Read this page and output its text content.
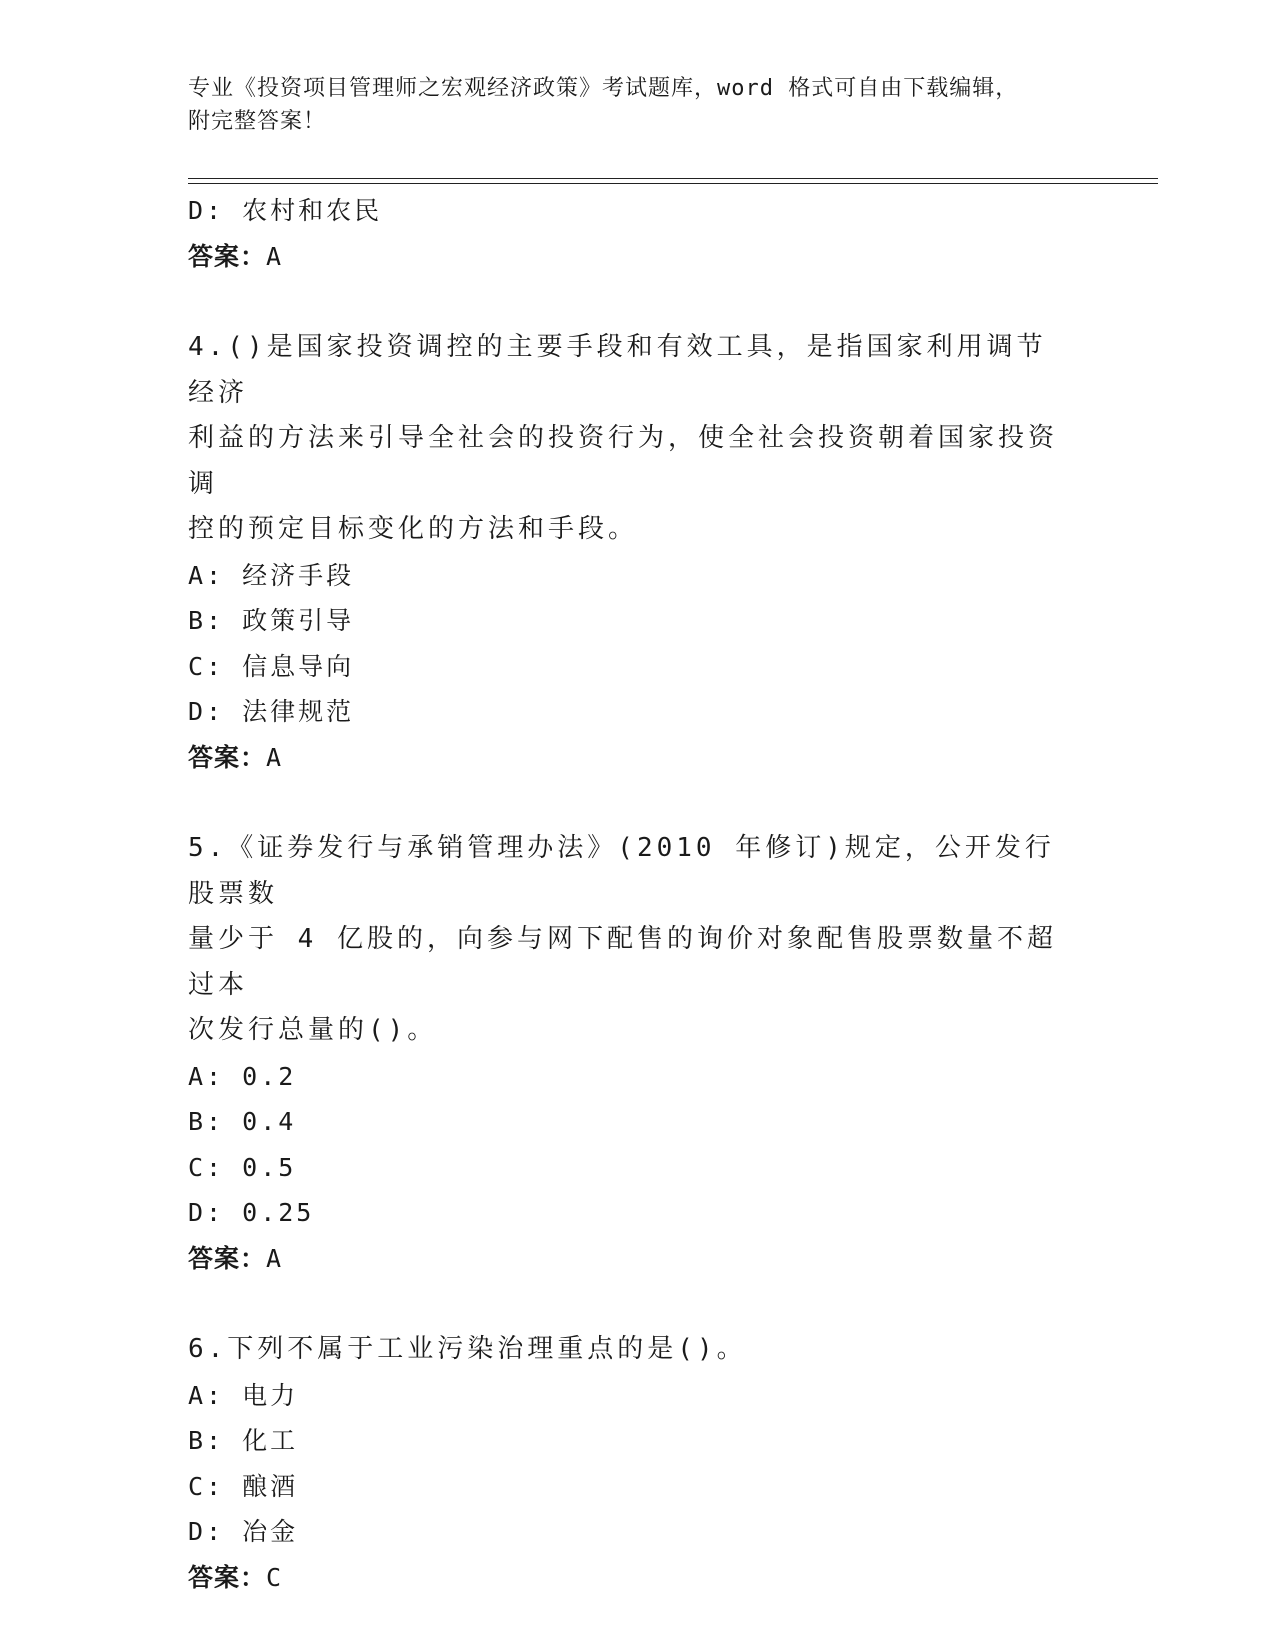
专业《投资项目管理师之宏观经济政策》考试题库，word 格式可自由下载编辑，
附完整答案！
D: 农村和农民
答案：A
4.()是国家投资调控的主要手段和有效工具，是指国家利用调节经济
利益的方法来引导全社会的投资行为，使全社会投资朝着国家投资调
控的预定目标变化的方法和手段。
A: 经济手段
B: 政策引导
C: 信息导向
D: 法律规范
答案：A
5.《证券发行与承销管理办法》(2010 年修订)规定，公开发行股票数
量少于 4 亿股的，向参与网下配售的询价对象配售股票数量不超过本
次发行总量的()。
A: 0.2
B: 0.4
C: 0.5
D: 0.25
答案：A
6.下列不属于工业污染治理重点的是()。
A: 电力
B: 化工
C: 酿酒
D: 冶金
答案：C
